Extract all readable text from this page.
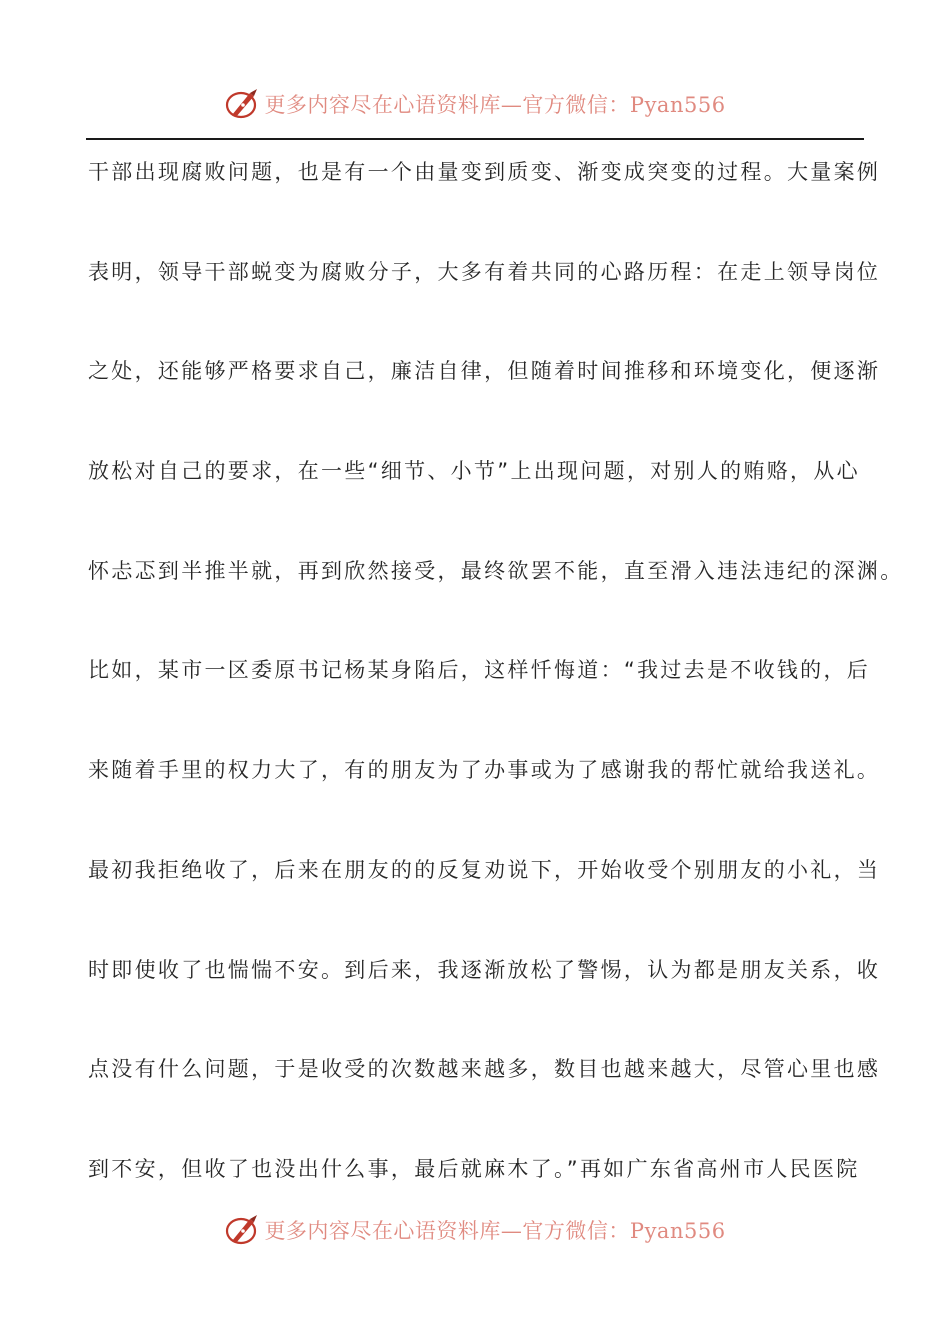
更多内容尽在心语资料库—官方微信：Pyan556
干部出现腐败问题，也是有一个由量变到质变、渐变成突变的过程。大量案例
表明，领导干部蜕变为腐败分子，大多有着共同的心路历程：在走上领导岗位
之处，还能够严格要求自己，廉洁自律，但随着时间推移和环境变化，便逐渐
放松对自己的要求，在一些“细节、小节”上出现问题，对别人的贿赂，从心
怀忐忑到半推半就，再到欣然接受，最终欲罢不能，直至滑入违法违纪的深渊。
比如，某市一区委原书记杨某身陷后，这样忏悔道：“我过去是不收钱的，后
来随着手里的权力大了，有的朋友为了办事或为了感谢我的帮忙就给我送礼。
最初我拒绝收了，后来在朋友的的反复劝说下，开始收受个别朋友的小礼，当
时即使收了也惴惴不安。到后来，我逐渐放松了警惕，认为都是朋友关系，收
点没有什么问题，于是收受的次数越来越多，数目也越来越大，尽管心里也感
到不安，但收了也没出什么事，最后就麻木了。”再如广东省高州市人民医院
更多内容尽在心语资料库—官方微信：Pyan556
